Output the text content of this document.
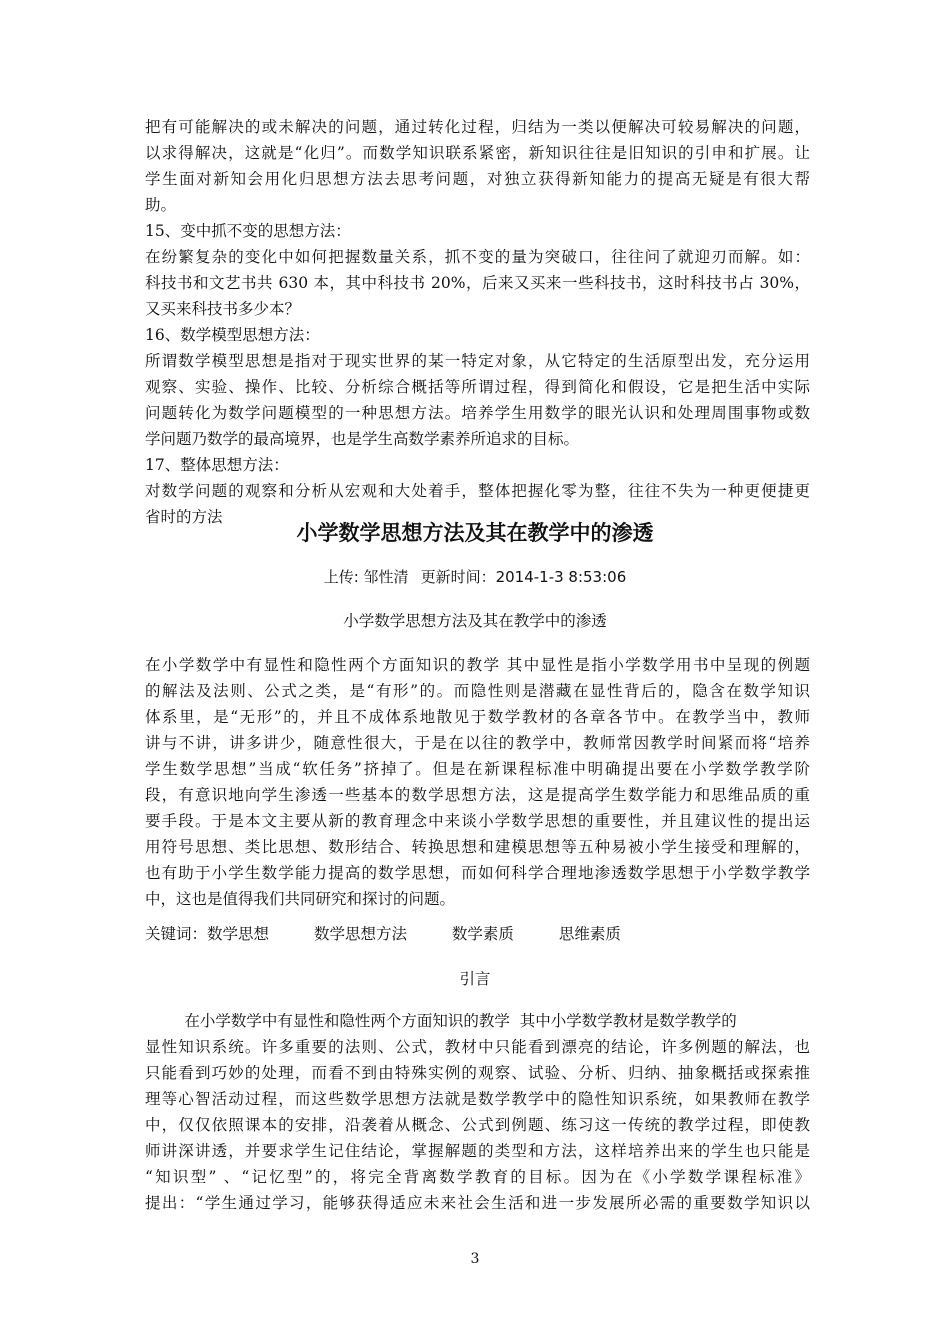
把有可能解决的或未解决的问题，通过转化过程，归结为一类以便解决可较易解决的问题，
以求得解决，这就是“化归”。而数学知识联系紧密，新知识往往是旧知识的引申和扩展。让
学生面对新知会用化归思想方法去思考问题，对独立获得新知能力的提高无疑是有很大帮
助。
15、变中抓不变的思想方法：
在纷繁复杂的变化中如何把握数量关系，抓不变的量为突破口，往往问了就迎刃而解。如：
科技书和文艺书共 630 本，其中科技书 20%，后来又买来一些科技书，这时科技书占 30%，
又买来科技书多少本？
16、数学模型思想方法：
所谓数学模型思想是指对于现实世界的某一特定对象，从它特定的生活原型出发，充分运用
观察、实验、操作、比较、分析综合概括等所谓过程，得到简化和假设，它是把生活中实际
问题转化为数学问题模型的一种思想方法。培养学生用数学的眼光认识和处理周围事物或数
学问题乃数学的最高境界，也是学生高数学素养所追求的目标。
17、整体思想方法：
对数学问题的观察和分析从宏观和大处着手，整体把握化零为整，往往不失为一种更便捷更
省时的方法
小学数学思想方法及其在教学中的渗透
上传: 邹性清 更新时间：2014-1-3 8:53:06
小学数学思想方法及其在教学中的渗透
在小学数学中有显性和隐性两个方面知识的教学 其中显性是指小学数学用书中呈现的例题
的解法及法则、公式之类，是“有形”的。而隐性则是潜藏在显性背后的，隐含在数学知识
体系里，是“无形”的，并且不成体系地散见于数学教材的各章各节中。在教学当中，教师
讲与不讲，讲多讲少，随意性很大，于是在以往的教学中，教师常因教学时间紧而将“培养
学生数学思想”当成“软任务”挤掉了。但是在新课程标准中明确提出要在小学数学教学阶
段，有意识地向学生渗透一些基本的数学思想方法，这是提高学生数学能力和思维品质的重
要手段。于是本文主要从新的教育理念中来谈小学数学思想的重要性，并且建议性的提出运
用符号思想、类比思想、数形结合、转换思想和建模思想等五种易被小学生接受和理解的，
也有助于小学生数学能力提高的数学思想，而如何科学合理地渗透数学思想于小学数学教学
中，这也是值得我们共同研究和探讨的问题。
关键词：数学思想	数学思想方法	数学素质	思维素质
引言
在小学数学中有显性和隐性两个方面知识的教学  其中小学数学教材是数学教学的
显性知识系统。许多重要的法则、公式，教材中只能看到漂亮的结论，许多例题的解法，也
只能看到巧妙的处理，而看不到由特殊实例的观察、试验、分析、归纳、抽象概括或探索推
理等心智活动过程，而这些数学思想方法就是数学教学中的隐性知识系统，如果教师在教学
中，仅仅依照课本的安排，沿袭着从概念、公式到例题、练习这一传统的教学过程，即使教
师讲深讲透，并要求学生记住结论，掌握解题的类型和方法，这样培养出来的学生也只能是
“知识型” 、“记忆型”的，将完全背离数学教育的目标。因为在《小学数学课程标准》
提出：“学生通过学习，能够获得适应未来社会生活和进一步发展所必需的重要数学知识以
3
